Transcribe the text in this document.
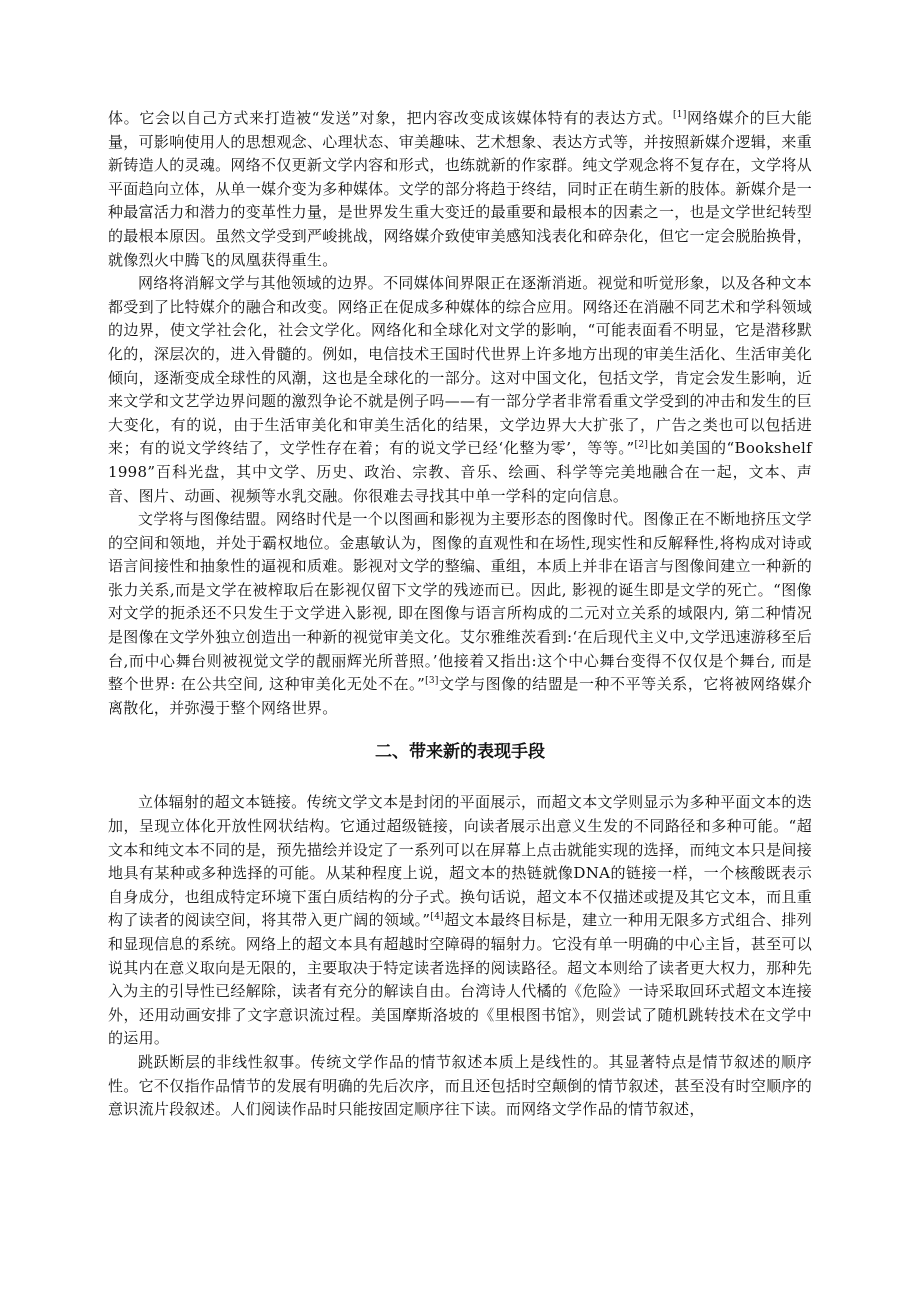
体。它会以自己方式来打造被“发送”对象，把内容改变成该媒体特有的表达方式。[1]网络媒介的巨大能量，可影响使用人的思想观念、心理状态、审美趣味、艺术想象、表达方式等，并按照新媒介逻辑，来重新铸造人的灵魂。网络不仅更新文学内容和形式，也练就新的作家群。纯文学观念将不复存在，文学将从平面趋向立体，从单一媒介变为多种媒体。文学的部分将趋于终结，同时正在萌生新的肢体。新媒介是一种最富活力和潜力的变革性力量，是世界发生重大变迁的最重要和最根本的因素之一，也是文学世纪转型的最根本原因。虽然文学受到严峻挑战，网络媒介致使审美感知浅表化和碎杂化，但它一定会脱胎换骨，就像烈火中腾飞的凤凰获得重生。

网络将消解文学与其他领域的边界。不同媒体间界限正在逐渐消逝。视觉和听觉形象，以及各种文本都受到了比特媒介的融合和改变。网络正在促成多种媒体的综合应用。网络还在消融不同艺术和学科领域的边界，使文学社会化，社会文学化。网络化和全球化对文学的影响，“可能表面看不明显，它是潜移默化的，深层次的，进入骨髓的。例如，电信技术王国时代世界上许多地方出现的审美生活化、生活审美化倾向，逐渐变成全球性的风潮，这也是全球化的一部分。这对中国文化，包括文学，肯定会发生影响，近来文学和文艺学边界问题的激烈争论不就是例子吗——有一部分学者非常看重文学受到的冲击和发生的巨大变化，有的说，由于生活审美化和审美生活化的结果，文学边界大大扩张了，广告之类也可以包括进来；有的说文学终结了，文学性存在着；有的说文学已经‘化整为零’，等等。”[2]比如美国的“Bookshelf 1998”百科光盘，其中文学、历史、政治、宗教、音乐、绘画、科学等完美地融合在一起，文本、声音、图片、动画、视频等水乳交融。你很难去寻找其中单一学科的定向信息。

文学将与图像结盟。网络时代是一个以图画和影视为主要形态的图像时代。图像正在不断地挤压文学的空间和领地，并处于霸权地位。金惠敏认为，图像的直观性和在场性,现实性和反解释性,将构成对诗或语言间接性和抽象性的逼视和质难。影视对文学的整编、重组，本质上并非在语言与图像间建立一种新的张力关系,而是文学在被榨取后在影视仅留下文学的残迹而已。因此, 影视的诞生即是文学的死亡。“图像对文学的扼杀还不只发生于文学进入影视, 即在图像与语言所构成的二元对立关系的域限内, 第二种情况是图像在文学外独立创造出一种新的视觉审美文化。艾尔雅维茨看到:‘在后现代主义中,文学迅速游移至后台,而中心舞台则被视觉文学的靓丽辉光所普照。’他接着又指出:这个中心舞台变得不仅仅是个舞台, 而是整个世界: 在公共空间, 这种审美化无处不在。”[3]文学与图像的结盟是一种不平等关系，它将被网络媒介离散化，并弥漫于整个网络世界。

二、带来新的表现手段

立体辐射的超文本链接。传统文学文本是封闭的平面展示，而超文本文学则显示为多种平面文本的迭加，呈现立体化开放性网状结构。它通过超级链接，向读者展示出意义生发的不同路径和多种可能。“超文本和纯文本不同的是，预先描绘并设定了一系列可以在屏幕上点击就能实现的选择，而纯文本只是间接地具有某种或多种选择的可能。从某种程度上说，超文本的热链就像DNA的链接一样，一个核酸既表示自身成分，也组成特定环境下蛋白质结构的分子式。换句话说，超文本不仅描述或提及其它文本，而且重构了读者的阅读空间，将其带入更广阔的领域。”[4]超文本最终目标是，建立一种用无限多方式组合、排列和显现信息的系统。网络上的超文本具有超越时空障碍的辐射力。它没有单一明确的中心主旨，甚至可以说其内在意义取向是无限的，主要取决于特定读者选择的阅读路径。超文本则给了读者更大权力，那种先入为主的引导性已经解除，读者有充分的解读自由。台湾诗人代橘的《危险》一诗采取回环式超文本连接外，还用动画安排了文字意识流过程。美国摩斯洛坡的《里根图书馆》，则尝试了随机跳转技术在文学中的运用。

跳跃断层的非线性叙事。传统文学作品的情节叙述本质上是线性的。其显著特点是情节叙述的顺序性。它不仅指作品情节的发展有明确的先后次序，而且还包括时空颠倒的情节叙述，甚至没有时空顺序的意识流片段叙述。人们阅读作品时只能按固定顺序往下读。而网络文学作品的情节叙述，
